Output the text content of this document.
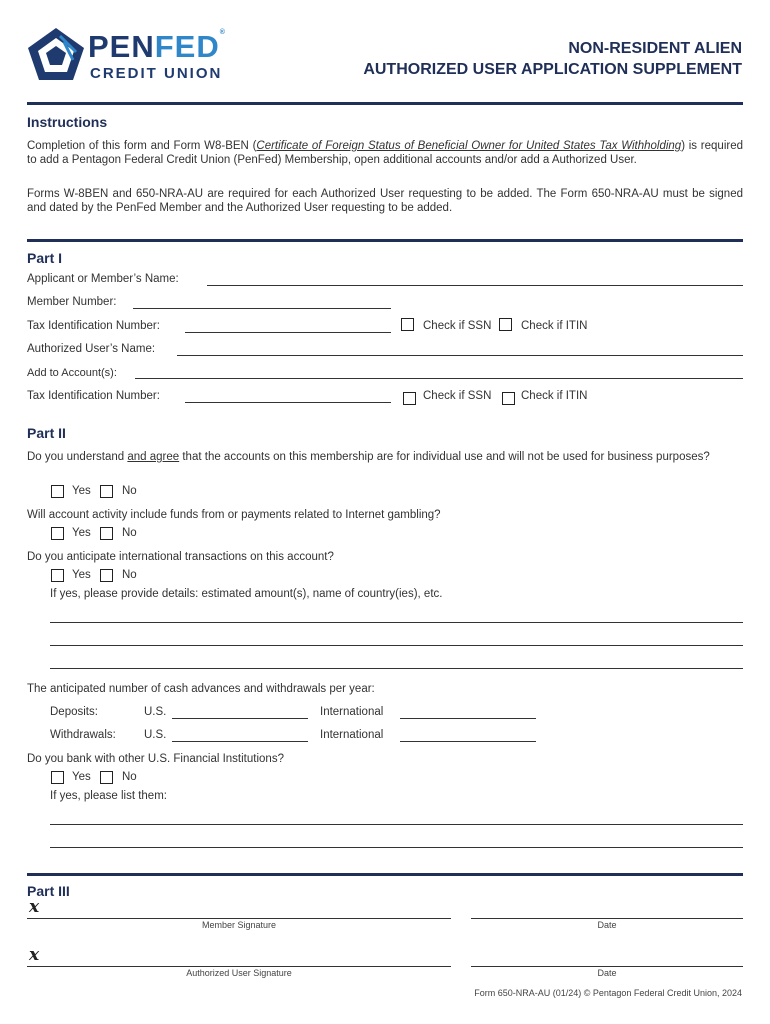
PENFED®
CREDIT UNION
NON-RESIDENT ALIEN
AUTHORIZED USER APPLICATION SUPPLEMENT
Instructions
Completion of this form and Form W8-BEN (Certificate of Foreign Status of Beneficial Owner for United States Tax Withholding) is required to add a Pentagon Federal Credit Union (PenFed) Membership, open additional accounts and/or add a Authorized User.
Forms W-8BEN and 650-NRA-AU are required for each Authorized User requesting to be added. The Form 650-NRA-AU must be signed and dated by the PenFed Member and the Authorized User requesting to be added.
Part I
Applicant or Member’s Name:
Member Number:
Tax Identification Number:	Check if SSN	Check if ITIN
Authorized User’s Name:
Add to Account(s):
Tax Identification Number:	Check if SSN	Check if ITIN
Part II
Do you understand and agree that the accounts on this membership are for individual use and will not be used for business purposes?
Yes	No
Will account activity include funds from or payments related to Internet gambling?
Yes	No
Do you anticipate international transactions on this account?
Yes	No
If yes, please provide details: estimated amount(s), name of country(ies), etc.
The anticipated number of cash advances and withdrawals per year:
Deposits:	U.S.	International
Withdrawals: U.S.	International
Do you bank with other U.S. Financial Institutions?
Yes	No
If yes, please list them:
Part III
x
Member Signature	Date
x
Authorized User Signature	Date
Form 650-NRA-AU (01/24) © Pentagon Federal Credit Union, 2024
